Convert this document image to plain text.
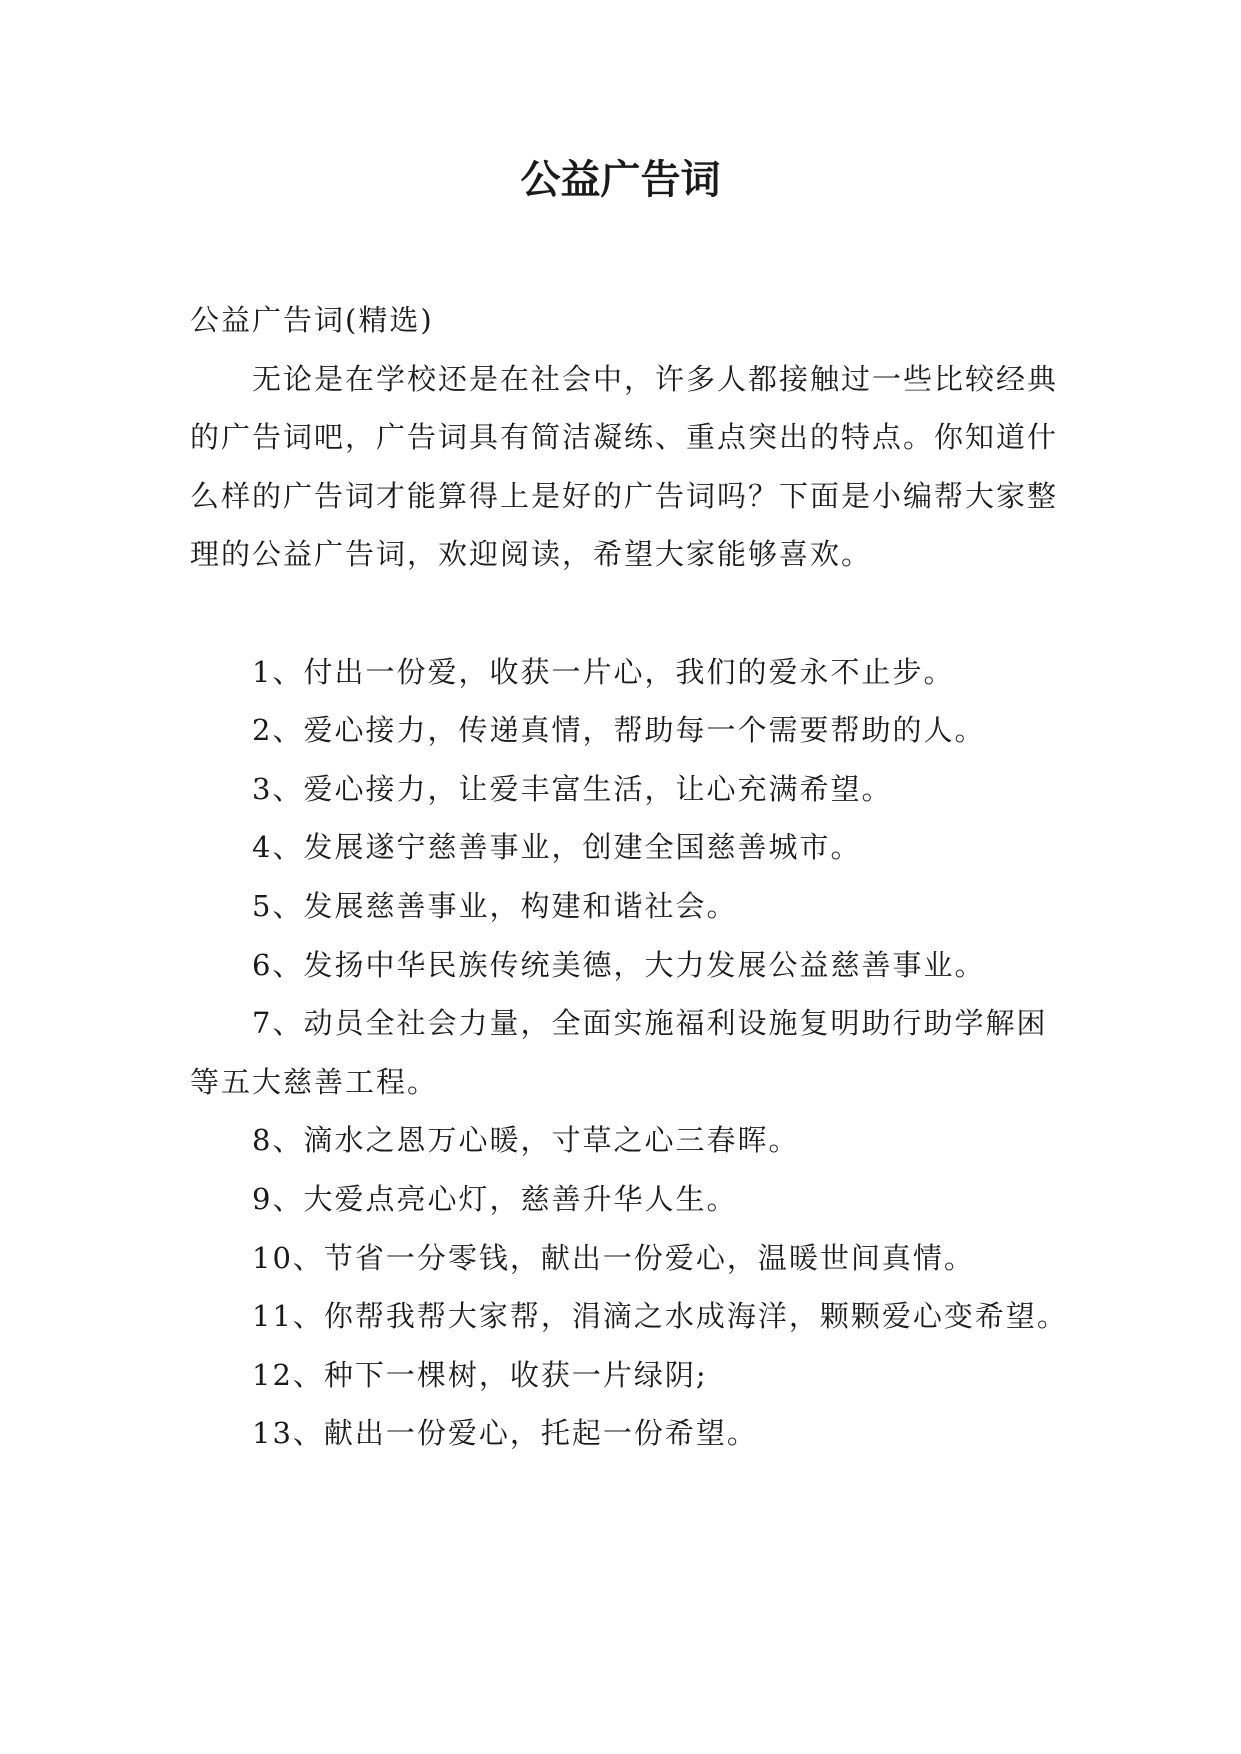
公益广告词

公益广告词(精选)

无论是在学校还是在社会中，许多人都接触过一些比较经典的广告词吧，广告词具有简洁凝练、重点突出的特点。你知道什么样的广告词才能算得上是好的广告词吗？下面是小编帮大家整理的公益广告词，欢迎阅读，希望大家能够喜欢。

1、付出一份爱，收获一片心，我们的爱永不止步。

2、爱心接力，传递真情，帮助每一个需要帮助的人。

3、爱心接力，让爱丰富生活，让心充满希望。

4、发展遂宁慈善事业，创建全国慈善城市。

5、发展慈善事业，构建和谐社会。

6、发扬中华民族传统美德，大力发展公益慈善事业。

7、动员全社会力量，全面实施福利设施复明助行助学解困等五大慈善工程。

8、滴水之恩万心暖，寸草之心三春晖。

9、大爱点亮心灯，慈善升华人生。

10、节省一分零钱，献出一份爱心，温暖世间真情。

11、你帮我帮大家帮，涓滴之水成海洋，颗颗爱心变希望。

12、种下一棵树，收获一片绿阴;

13、献出一份爱心，托起一份希望。
